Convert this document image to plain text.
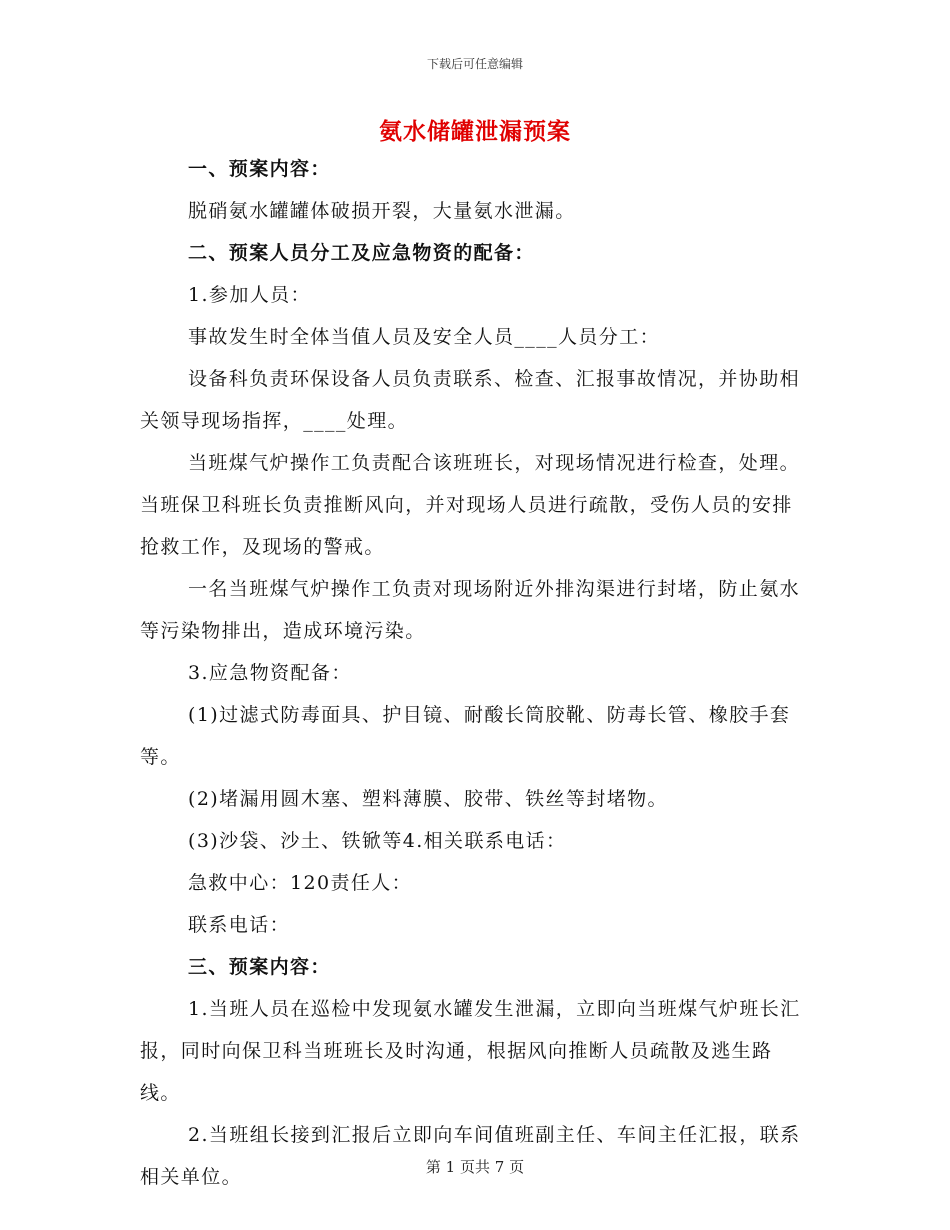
下载后可任意编辑
氨水储罐泄漏预案

一、预案内容：

脱硝氨水罐罐体破损开裂，大量氨水泄漏。

二、预案人员分工及应急物资的配备：

1.参加人员：

事故发生时全体当值人员及安全人员____人员分工：

设备科负责环保设备人员负责联系、检查、汇报事故情况，并协助相关领导现场指挥，____处理。

当班煤气炉操作工负责配合该班班长，对现场情况进行检查，处理。当班保卫科班长负责推断风向，并对现场人员进行疏散，受伤人员的安排抢救工作，及现场的警戒。

一名当班煤气炉操作工负责对现场附近外排沟渠进行封堵，防止氨水等污染物排出，造成环境污染。

3.应急物资配备：

(1)过滤式防毒面具、护目镜、耐酸长筒胶靴、防毒长管、橡胶手套等。

(2)堵漏用圆木塞、塑料薄膜、胶带、铁丝等封堵物。

(3)沙袋、沙土、铁锨等4.相关联系电话：

急救中心：120责任人：

联系电话：

三、预案内容：

1.当班人员在巡检中发现氨水罐发生泄漏，立即向当班煤气炉班长汇报，同时向保卫科当班班长及时沟通，根据风向推断人员疏散及逃生路线。

2.当班组长接到汇报后立即向车间值班副主任、车间主任汇报，联系相关单位。	第 1 页共 7 页
